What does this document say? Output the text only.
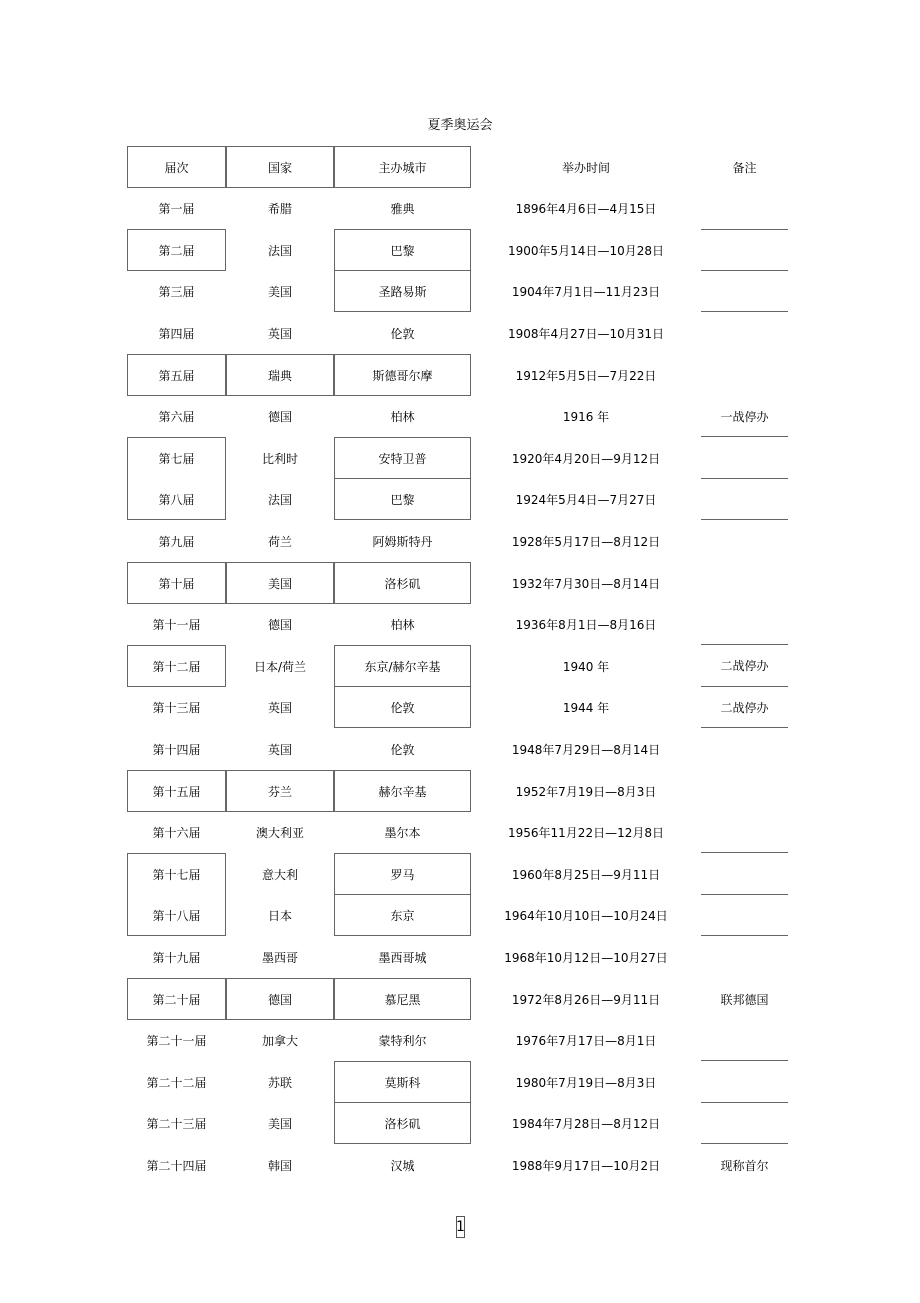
夏季奥运会
届次	国家	主办城市	举办时间	备注
第一届	希腊	雅典	1896年4月6日—4月15日
第二届	法国	巴黎	1900年5月14日—10月28日
第三届	美国	圣路易斯	1904年7月1日—11月23日
第四届	英国	伦敦	1908年4月27日—10月31日
第五届	瑞典	斯德哥尔摩	1912年5月5日—7月22日
第六届	德国	柏林	1916 年	一战停办
第七届	比利时	安特卫普	1920年4月20日—9月12日
第八届	法国	巴黎	1924年5月4日—7月27日
第九届	荷兰	阿姆斯特丹	1928年5月17日—8月12日
第十届	美国	洛杉矶	1932年7月30日—8月14日
第十一届	德国	柏林	1936年8月1日—8月16日
第十二届	日本/荷兰	东京/赫尔辛基	1940 年	二战停办
第十三届	英国	伦敦	1944 年	二战停办
第十四届	英国	伦敦	1948年7月29日—8月14日
第十五届	芬兰	赫尔辛基	1952年7月19日—8月3日
第十六届	澳大利亚	墨尔本	1956年11月22日—12月8日
第十七届	意大利	罗马	1960年8月25日—9月11日
第十八届	日本	东京	1964年10月10日—10月24日
第十九届	墨西哥	墨西哥城	1968年10月12日—10月27日
第二十届	德国	慕尼黑	1972年8月26日—9月11日	联邦德国
第二十一届	加拿大	蒙特利尔	1976年7月17日—8月1日
第二十二届	苏联	莫斯科	1980年7月19日—8月3日
第二十三届	美国	洛杉矶	1984年7月28日—8月12日
第二十四届	韩国	汉城	1988年9月17日—10月2日	现称首尔
1
